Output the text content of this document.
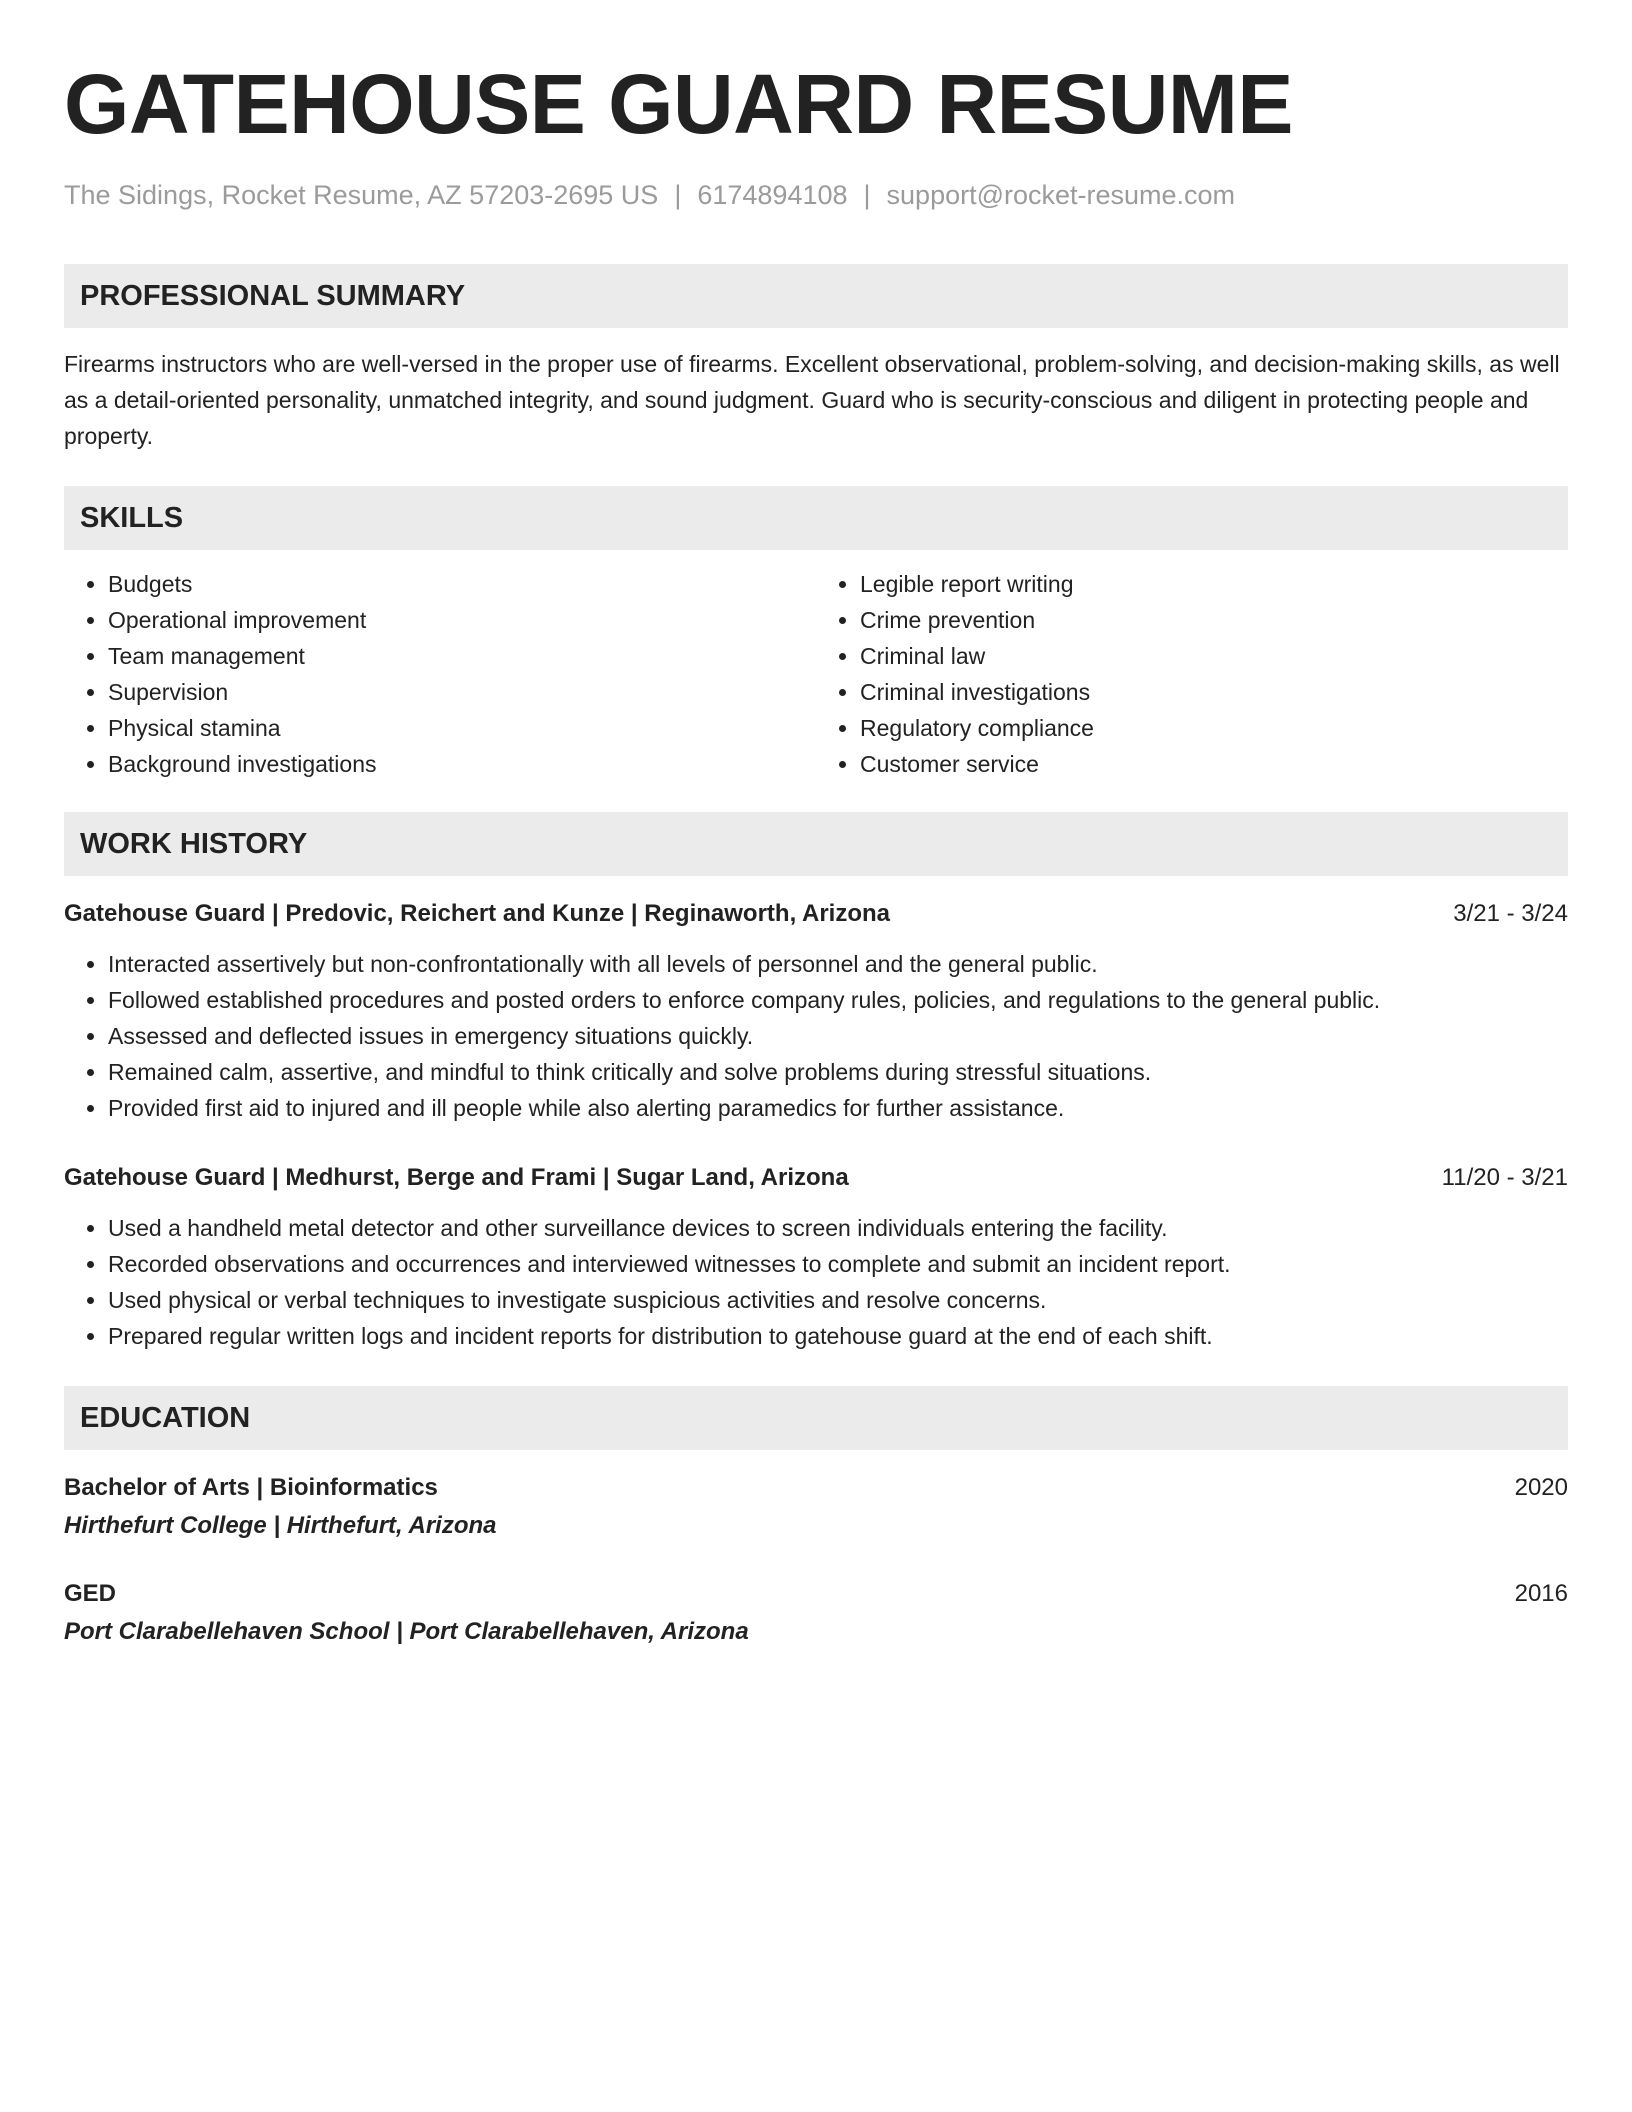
GATEHOUSE GUARD RESUME
The Sidings, Rocket Resume, AZ 57203-2695 US | 6174894108 | support@rocket-resume.com
PROFESSIONAL SUMMARY
Firearms instructors who are well-versed in the proper use of firearms. Excellent observational, problem-solving, and decision-making skills, as well as a detail-oriented personality, unmatched integrity, and sound judgment. Guard who is security-conscious and diligent in protecting people and property.
SKILLS
• Budgets
• Operational improvement
• Team management
• Supervision
• Physical stamina
• Background investigations
• Legible report writing
• Crime prevention
• Criminal law
• Criminal investigations
• Regulatory compliance
• Customer service
WORK HISTORY
Gatehouse Guard | Predovic, Reichert and Kunze | Reginaworth, Arizona	3/21 - 3/24
• Interacted assertively but non-confrontationally with all levels of personnel and the general public.
• Followed established procedures and posted orders to enforce company rules, policies, and regulations to the general public.
• Assessed and deflected issues in emergency situations quickly.
• Remained calm, assertive, and mindful to think critically and solve problems during stressful situations.
• Provided first aid to injured and ill people while also alerting paramedics for further assistance.
Gatehouse Guard | Medhurst, Berge and Frami | Sugar Land, Arizona	11/20 - 3/21
• Used a handheld metal detector and other surveillance devices to screen individuals entering the facility.
• Recorded observations and occurrences and interviewed witnesses to complete and submit an incident report.
• Used physical or verbal techniques to investigate suspicious activities and resolve concerns.
• Prepared regular written logs and incident reports for distribution to gatehouse guard at the end of each shift.
EDUCATION
Bachelor of Arts | Bioinformatics	2020
Hirthefurt College | Hirthefurt, Arizona
GED	2016
Port Clarabellehaven School | Port Clarabellehaven, Arizona
